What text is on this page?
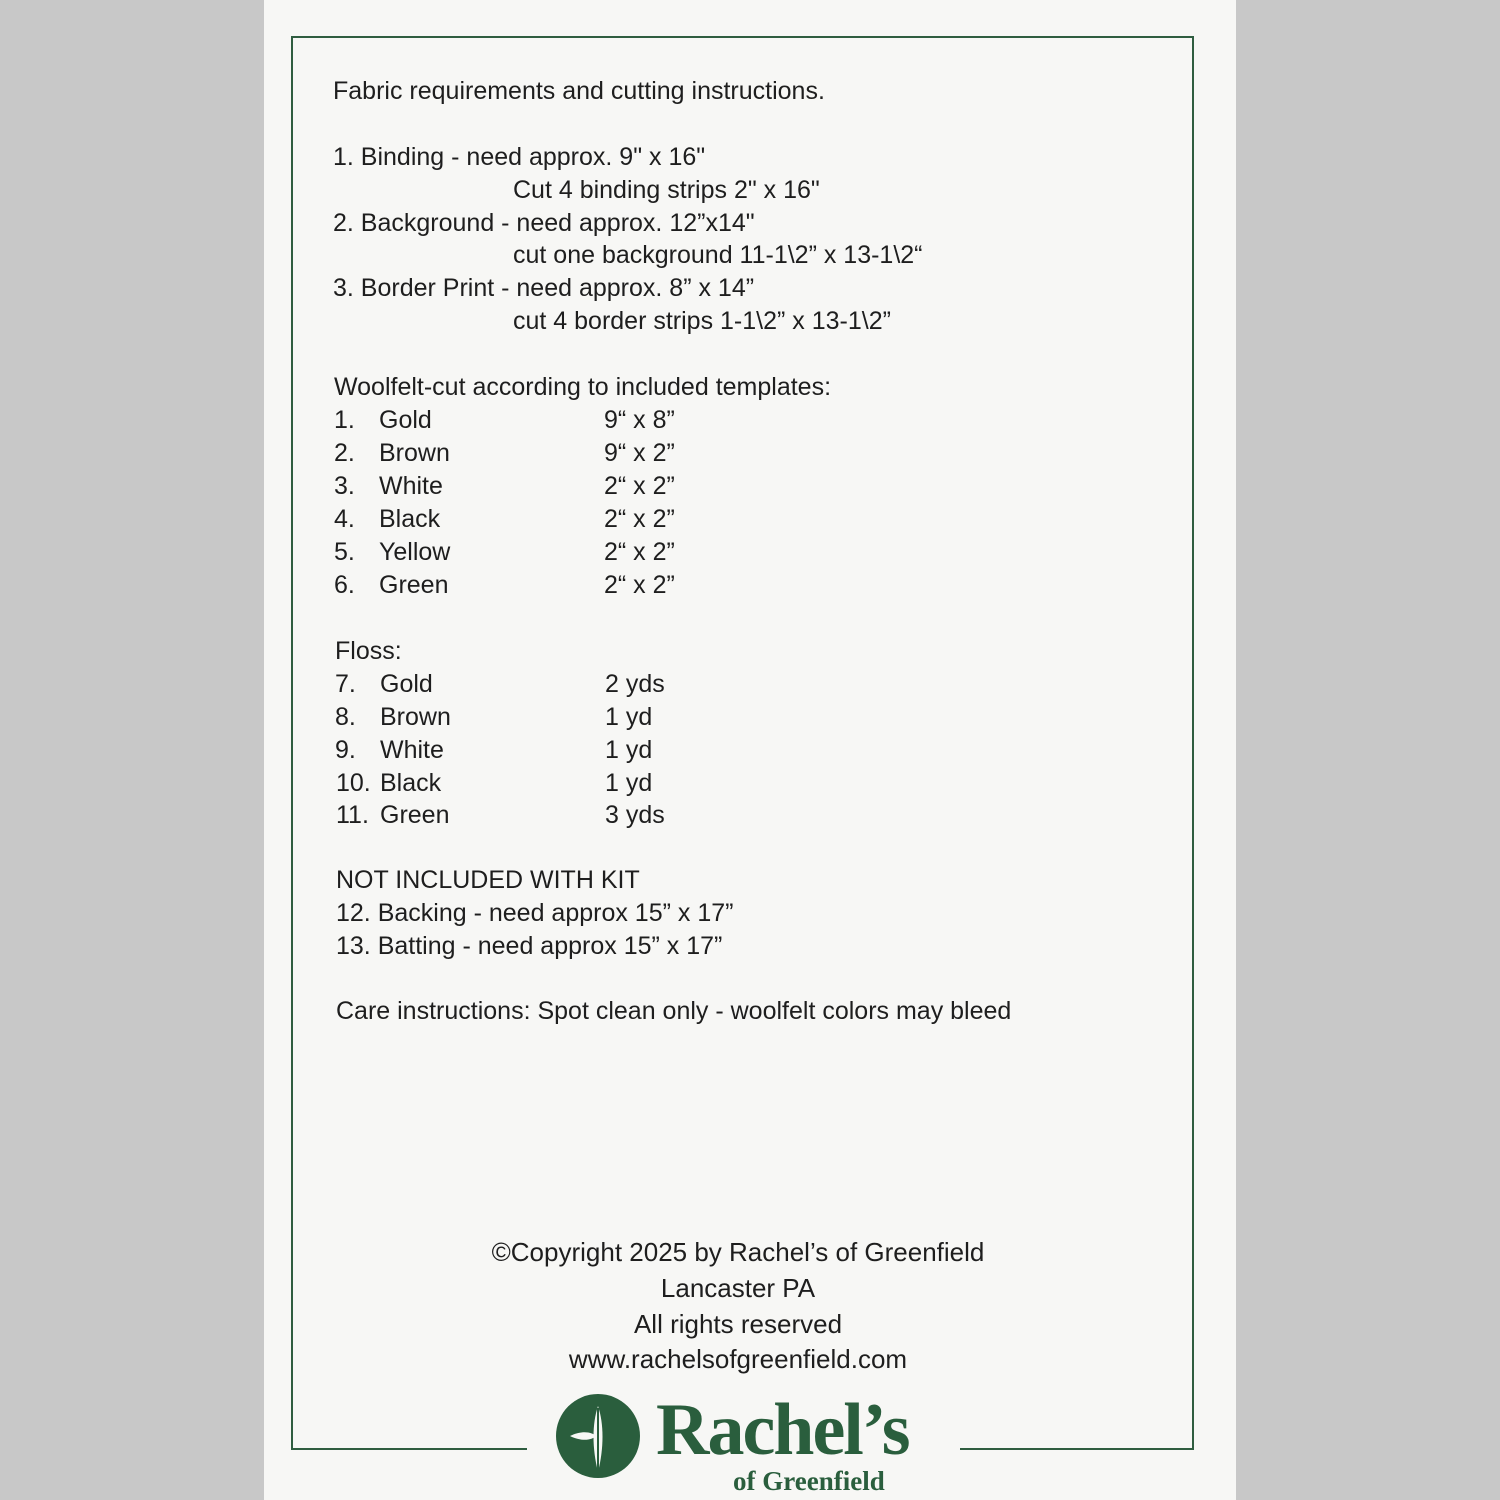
Fabric requirements and cutting instructions.
1. Binding - need approx. 9" x 16"
Cut 4 binding strips 2" x 16"
2. Background - need approx. 12”x14"
cut one background 11-1\2” x 13-1\2“
3. Border Print - need approx. 8” x 14”
cut 4 border strips 1-1\2” x 13-1\2”
Woolfelt-cut according to included templates:
1. Gold	9“ x 8”
2. Brown	9“ x 2”
3. White	2“ x 2”
4. Black	2“ x 2”
5. Yellow	2“ x 2”
6. Green	2“ x 2”
Floss:
7. Gold	2 yds
8. Brown	1 yd
9. White	1 yd
10. Black	1 yd
11. Green	3 yds
NOT INCLUDED WITH KIT
12. Backing - need approx 15” x 17”
13. Batting - need approx 15” x 17”
Care instructions: Spot clean only - woolfelt colors may bleed
©Copyright 2025 by Rachel’s of Greenfield
Lancaster PA
All rights reserved
www.rachelsofgreenfield.com
Rachel’s
of Greenfield
